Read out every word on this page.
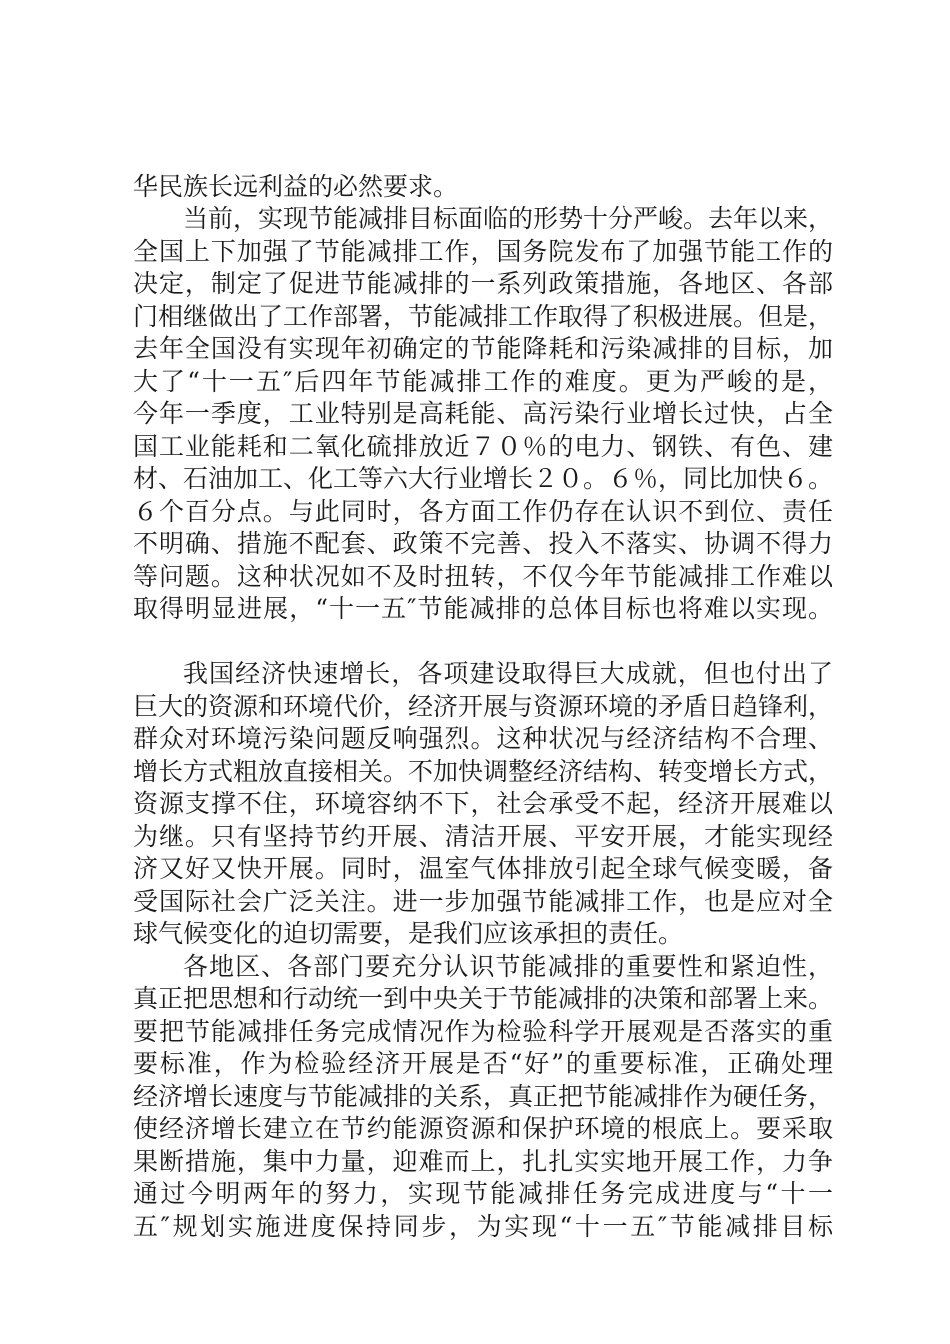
华民族长远利益的必然要求。
当前，实现节能减排目标面临的形势十分严峻。去年以来，
全国上下加强了节能减排工作，国务院发布了加强节能工作的
决定，制定了促进节能减排的一系列政策措施，各地区、各部
门相继做出了工作部署，节能减排工作取得了积极进展。但是，
去年全国没有实现年初确定的节能降耗和污染减排的目标，加
大了“十一五″后四年节能减排工作的难度。更为严峻的是，
今年一季度，工业特别是高耗能、高污染行业增长过快，占全
国工业能耗和二氧化硫排放近７０％的电力、钢铁、有色、建
材、石油加工、化工等六大行业增长２０。６％，同比加快６。
６个百分点。与此同时，各方面工作仍存在认识不到位、责任
不明确、措施不配套、政策不完善、投入不落实、协调不得力
等问题。这种状况如不及时扭转，不仅今年节能减排工作难以
取得明显进展，“十一五″节能减排的总体目标也将难以实现。
我国经济快速增长，各项建设取得巨大成就，但也付出了
巨大的资源和环境代价，经济开展与资源环境的矛盾日趋锋利，
群众对环境污染问题反响强烈。这种状况与经济结构不合理、
增长方式粗放直接相关。不加快调整经济结构、转变增长方式，
资源支撑不住，环境容纳不下，社会承受不起，经济开展难以
为继。只有坚持节约开展、清洁开展、平安开展，才能实现经
济又好又快开展。同时，温室气体排放引起全球气候变暖，备
受国际社会广泛关注。进一步加强节能减排工作，也是应对全
球气候变化的迫切需要，是我们应该承担的责任。
各地区、各部门要充分认识节能减排的重要性和紧迫性，
真正把思想和行动统一到中央关于节能减排的决策和部署上来。
要把节能减排任务完成情况作为检验科学开展观是否落实的重
要标准，作为检验经济开展是否“好”的重要标准，正确处理
经济增长速度与节能减排的关系，真正把节能减排作为硬任务，
使经济增长建立在节约能源资源和保护环境的根底上。要采取
果断措施，集中力量，迎难而上，扎扎实实地开展工作，力争
通过今明两年的努力，实现节能减排任务完成进度与“十一
五″规划实施进度保持同步，为实现“十一五″节能减排目标
